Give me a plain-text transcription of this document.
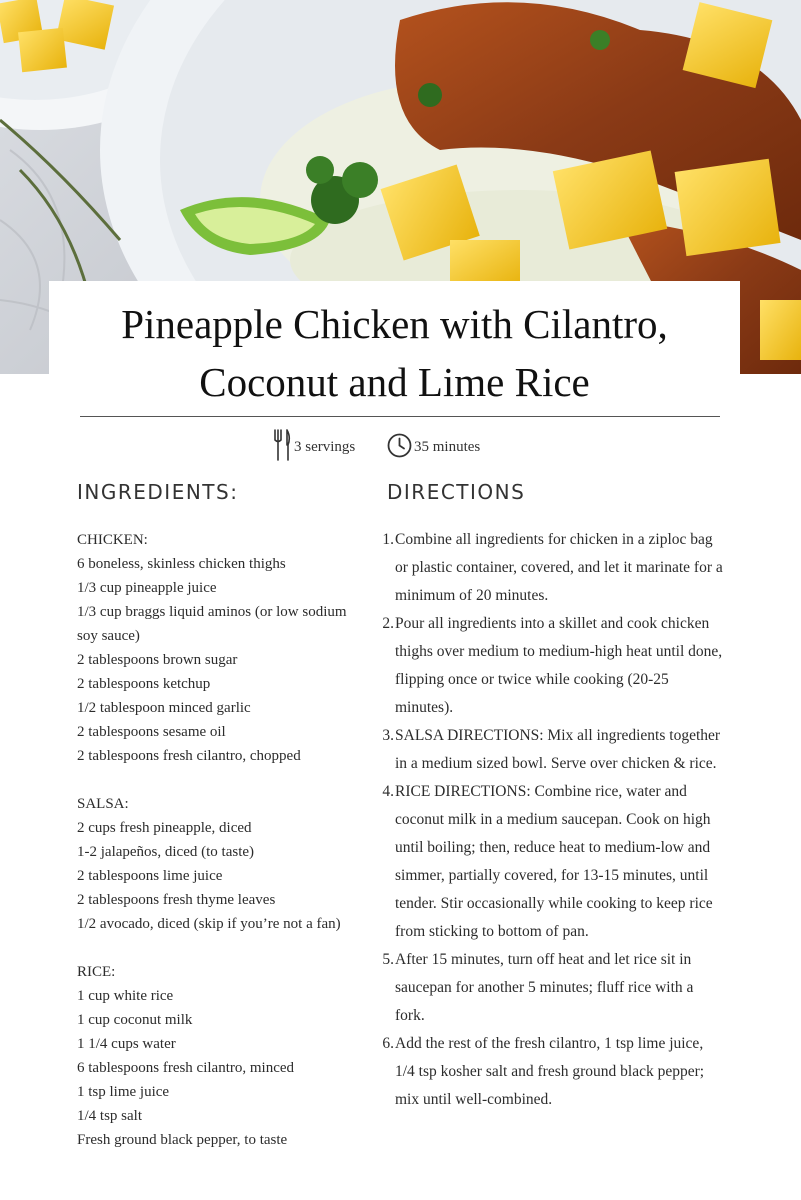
Pineapple Chicken with Cilantro,
Coconut and Lime Rice
3 servings	35 minutes
INGREDIENTS:
CHICKEN:
6 boneless, skinless chicken thighs
1/3 cup pineapple juice
1/3 cup braggs liquid aminos (or low sodium soy sauce)
2 tablespoons brown sugar
2 tablespoons ketchup
1/2 tablespoon minced garlic
2 tablespoons sesame oil
2 tablespoons fresh cilantro, chopped
SALSA:
2 cups fresh pineapple, diced
1-2 jalapeños, diced (to taste)
2 tablespoons lime juice
2 tablespoons fresh thyme leaves
1/2 avocado, diced (skip if you’re not a fan)
RICE:
1 cup white rice
1 cup coconut milk
1 1/4 cups water
6 tablespoons fresh cilantro, minced
1 tsp lime juice
1/4 tsp salt
Fresh ground black pepper, to taste
DIRECTIONS
1 . Combine all ingredients for chicken in a ziploc bag or plastic container, covered, and let it marinate for a minimum of 20 minutes.
2 . Pour all ingredients into a skillet and cook chicken thighs over medium to medium-high heat until done, flipping once or twice while cooking (20-25 minutes).
3 . SALSA DIRECTIONS: Mix all ingredients together in a medium sized bowl. Serve over chicken & rice.
4 . RICE DIRECTIONS: Combine rice, water and coconut milk in a medium saucepan. Cook on high until boiling; then, reduce heat to medium-low and simmer, partially covered, for 13-15 minutes, until tender. Stir occasionally while cooking to keep rice from sticking to bottom of pan.
5 . After 15 minutes, turn off heat and let rice sit in saucepan for another 5 minutes; fluff rice with a fork.
6 . Add the rest of the fresh cilantro, 1 tsp lime juice, 1/4 tsp kosher salt and fresh ground black pepper; mix until well-combined.
